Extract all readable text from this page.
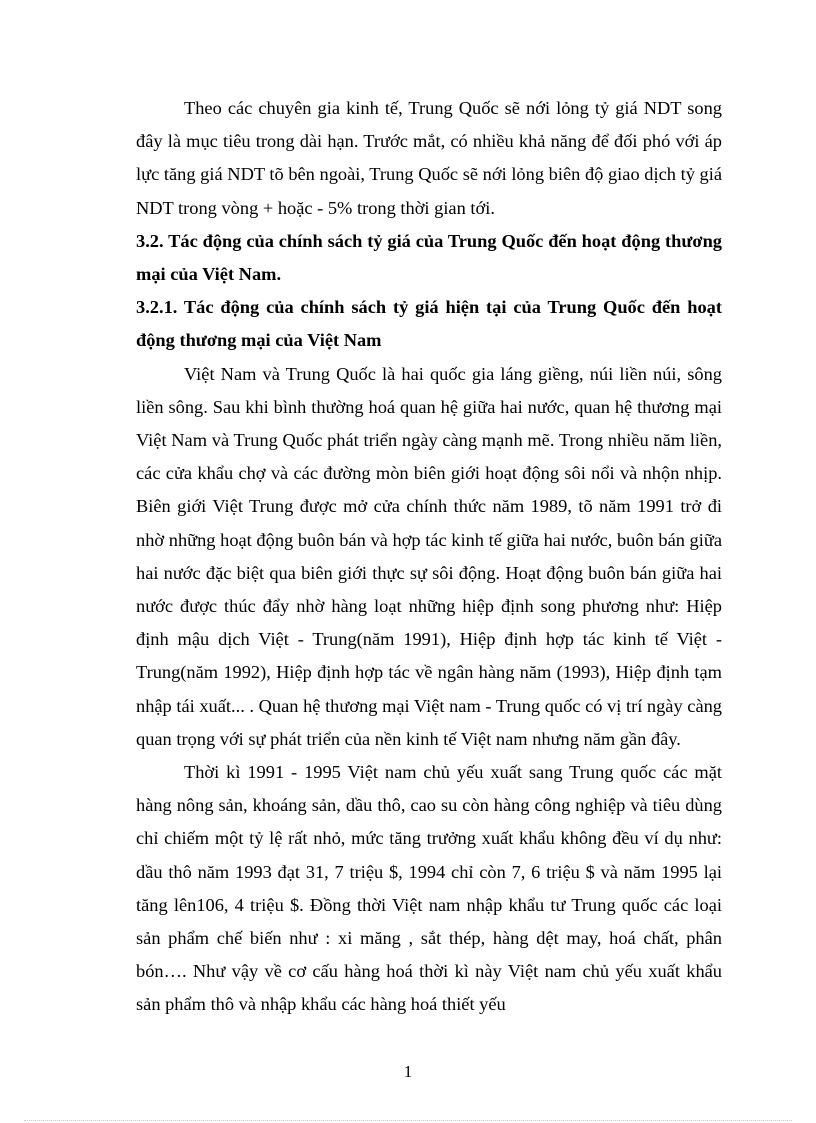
Theo các chuyên gia kinh tế, Trung Quốc sẽ nới lỏng tỷ giá NDT song đây là mục tiêu trong dài hạn. Trước mắt, có nhiều khả năng để đối phó với áp lực tăng giá NDT tõ bên ngoài, Trung Quốc sẽ nới lỏng biên độ giao dịch tỷ giá NDT trong vòng + hoặc - 5% trong thời gian tới.

3.2. Tác động của chính sách tỷ giá của Trung Quốc đến hoạt động thương mại của Việt Nam.

3.2.1. Tác động của chính sách tỷ giá hiện tại của Trung Quốc đến hoạt động thương mại của Việt Nam

Việt Nam và Trung Quốc là hai quốc gia láng giềng, núi liền núi, sông liền sông. Sau khi bình thường hoá quan hệ giữa hai nước, quan hệ thương mại Việt Nam và Trung Quốc phát triển ngày càng mạnh mẽ. Trong nhiều năm liền, các cửa khẩu chợ và các đường mòn biên giới hoạt động sôi nổi và nhộn nhịp. Biên giới Việt Trung được mở cửa chính thức năm 1989, tõ năm 1991 trở đi nhờ những hoạt động buôn bán và hợp tác kinh tế giữa hai nước, buôn bán giữa hai nước đặc biệt qua biên giới thực sự sôi động. Hoạt động buôn bán giữa hai nước được thúc đẩy nhờ hàng loạt những hiệp định song phương như: Hiệp định mậu dịch Việt - Trung(năm 1991), Hiệp định hợp tác kinh tế Việt - Trung(năm 1992), Hiệp định hợp tác về ngân hàng năm (1993), Hiệp định tạm nhập tái xuất... . Quan hệ thương mại Việt nam - Trung quốc có vị trí ngày càng quan trọng với sự phát triển của nền kinh tế Việt nam nhưng năm gần đây.

Thời kì 1991 - 1995 Việt nam chủ yếu xuất sang Trung quốc các mặt hàng nông sản, khoáng sản, dầu thô, cao su còn hàng công nghiệp và tiêu dùng chỉ chiếm một tỷ lệ rất nhỏ, mức tăng trưởng xuất khẩu không đều ví dụ như: dầu thô năm 1993 đạt 31, 7 triệu $, 1994 chỉ còn 7, 6 triệu $ và năm 1995 lại tăng lên106, 4 triệu $. Đồng thời Việt nam nhập khẩu tư Trung quốc các loại sản phẩm chế biến như : xi măng , sắt thép, hàng dệt may, hoá chất, phân bón…. Như vậy về cơ cấu hàng hoá thời kì này Việt nam chủ yếu xuất khẩu sản phẩm thô và nhập khẩu các hàng hoá thiết yếu

1
